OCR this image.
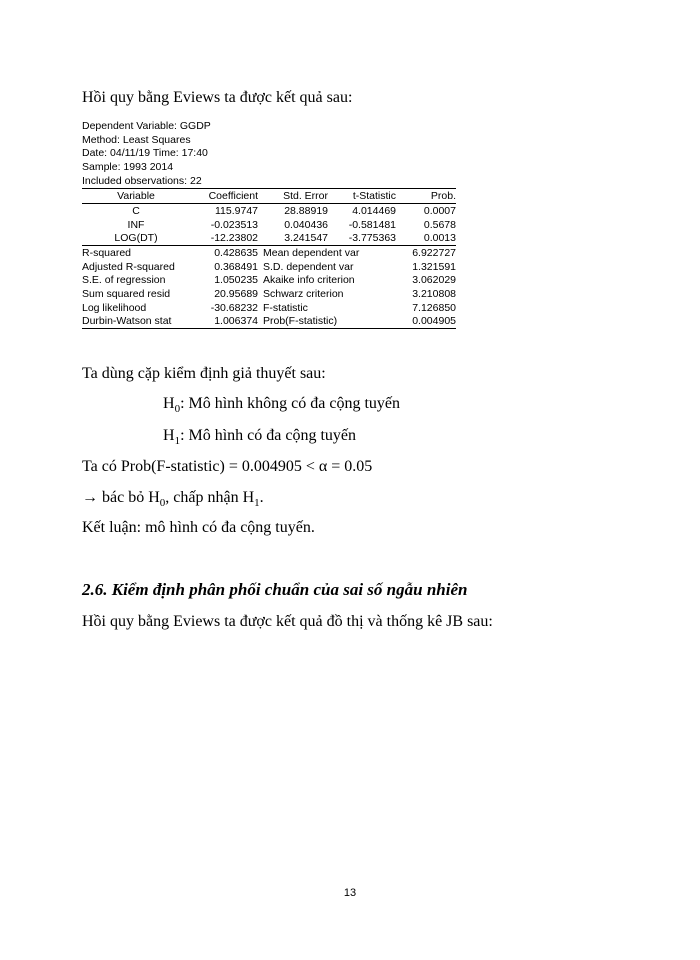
Hồi quy bằng Eviews ta được kết quả sau:
Dependent Variable: GGDP
Method: Least Squares
Date: 04/11/19 Time: 17:40
Sample: 1993 2014
Included observations: 22
Variable	Coefficient	Std. Error	t-Statistic	Prob.
C	115.9747	28.88919	4.014469	0.0007
INF	-0.023513	0.040436	-0.581481	0.5678
LOG(DT)	-12.23802	3.241547	-3.775363	0.0013
R-squared	0.428635	Mean dependent var		6.922727
Adjusted R-squared	0.368491	S.D. dependent var		1.321591
S.E. of regression	1.050235	Akaike info criterion		3.062029
Sum squared resid	20.95689	Schwarz criterion		3.210808
Log likelihood	-30.68232	F-statistic		7.126850
Durbin-Watson stat	1.006374	Prob(F-statistic)		0.004905
Ta dùng cặp kiểm định giả thuyết sau:
$H_0$: Mô hình không có đa cộng tuyến
$H_1$: Mô hình có đa cộng tuyến
Ta có Prob(F-statistic) = 0.004905 < α = 0.05
→ bác bỏ $H_0$, chấp nhận $H_1$.
Kết luận: mô hình có đa cộng tuyến.
2.6. Kiểm định phân phối chuẩn của sai số ngẫu nhiên
Hồi quy bằng Eviews ta được kết quả đồ thị và thống kê JB sau:
13
